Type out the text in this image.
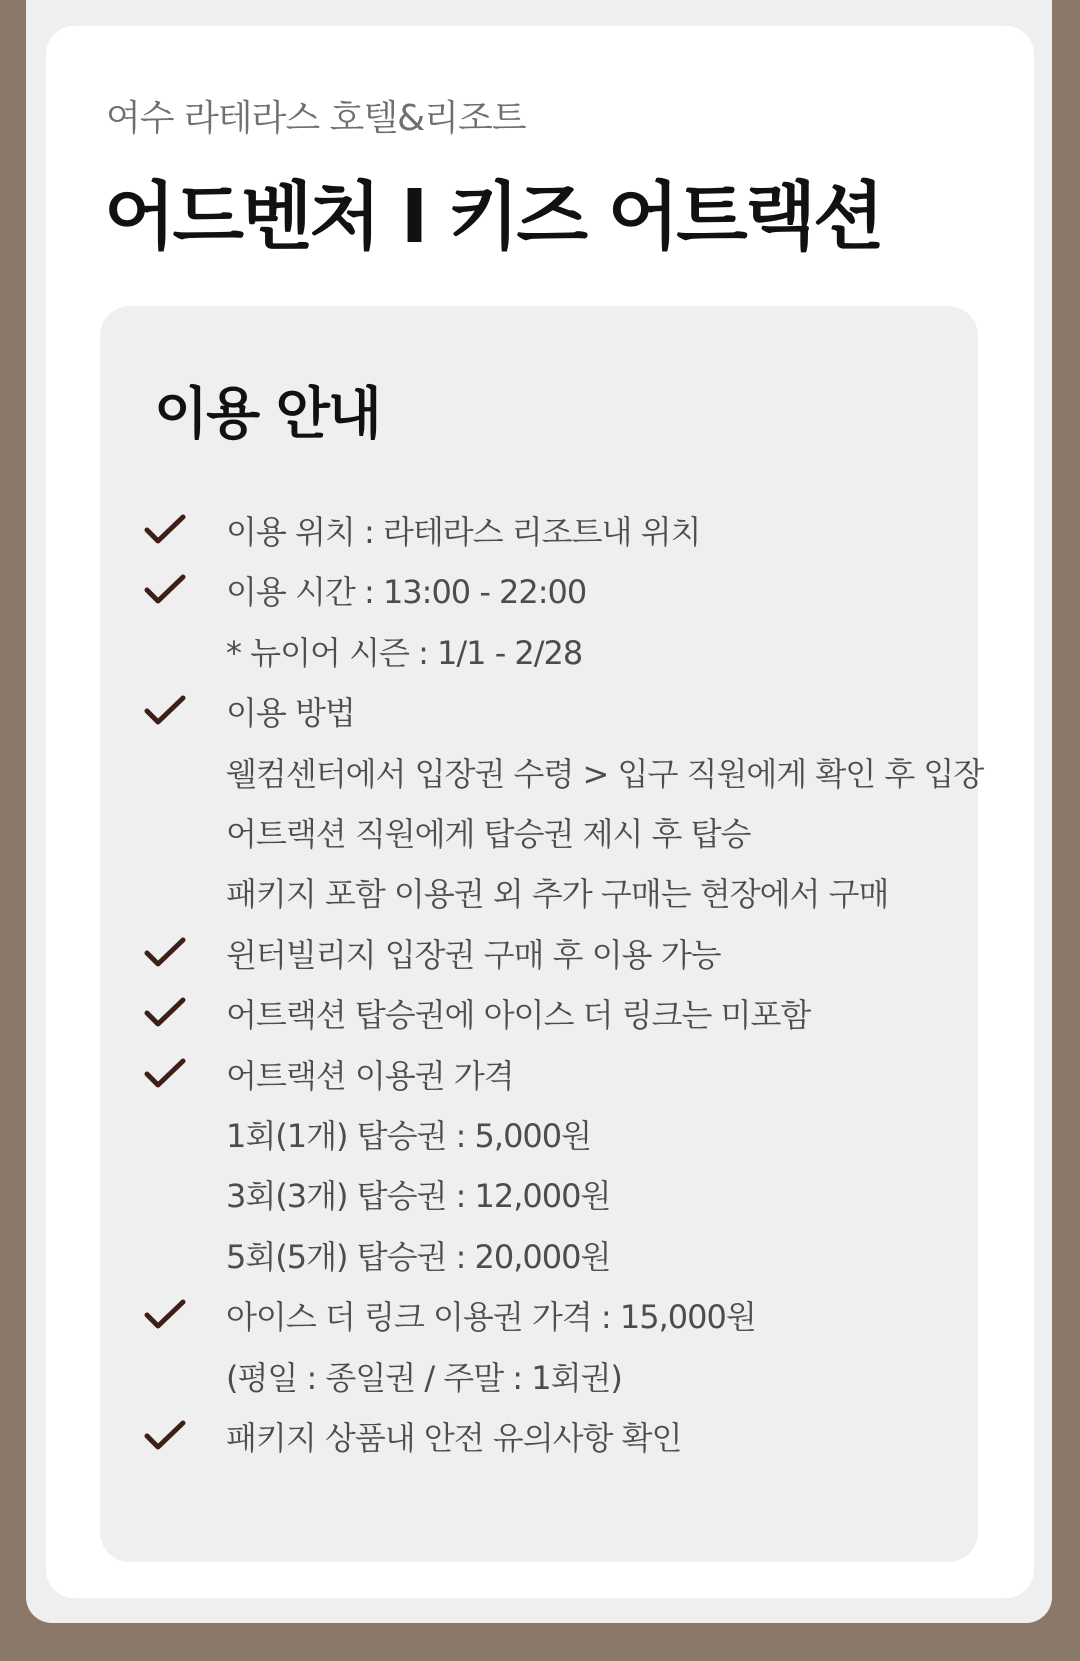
여수 라테라스 호텔&리조트
어드벤처 I 키즈 어트랙션
이용 안내
이용 위치 : 라테라스 리조트내 위치
이용 시간 : 13:00 - 22:00
* 뉴이어 시즌 : 1/1 - 2/28
이용 방법
웰컴센터에서 입장권 수령 > 입구 직원에게 확인 후 입장
어트랙션 직원에게 탑승권 제시 후 탑승
패키지 포함 이용권 외 추가 구매는 현장에서 구매
윈터빌리지 입장권 구매 후 이용 가능
어트랙션 탑승권에 아이스 더 링크는 미포함
어트랙션 이용권 가격
1회(1개) 탑승권 : 5,000원
3회(3개) 탑승권 : 12,000원
5회(5개) 탑승권 : 20,000원
아이스 더 링크 이용권 가격 : 15,000원
(평일 : 종일권 / 주말 : 1회권)
패키지 상품내 안전 유의사항 확인
